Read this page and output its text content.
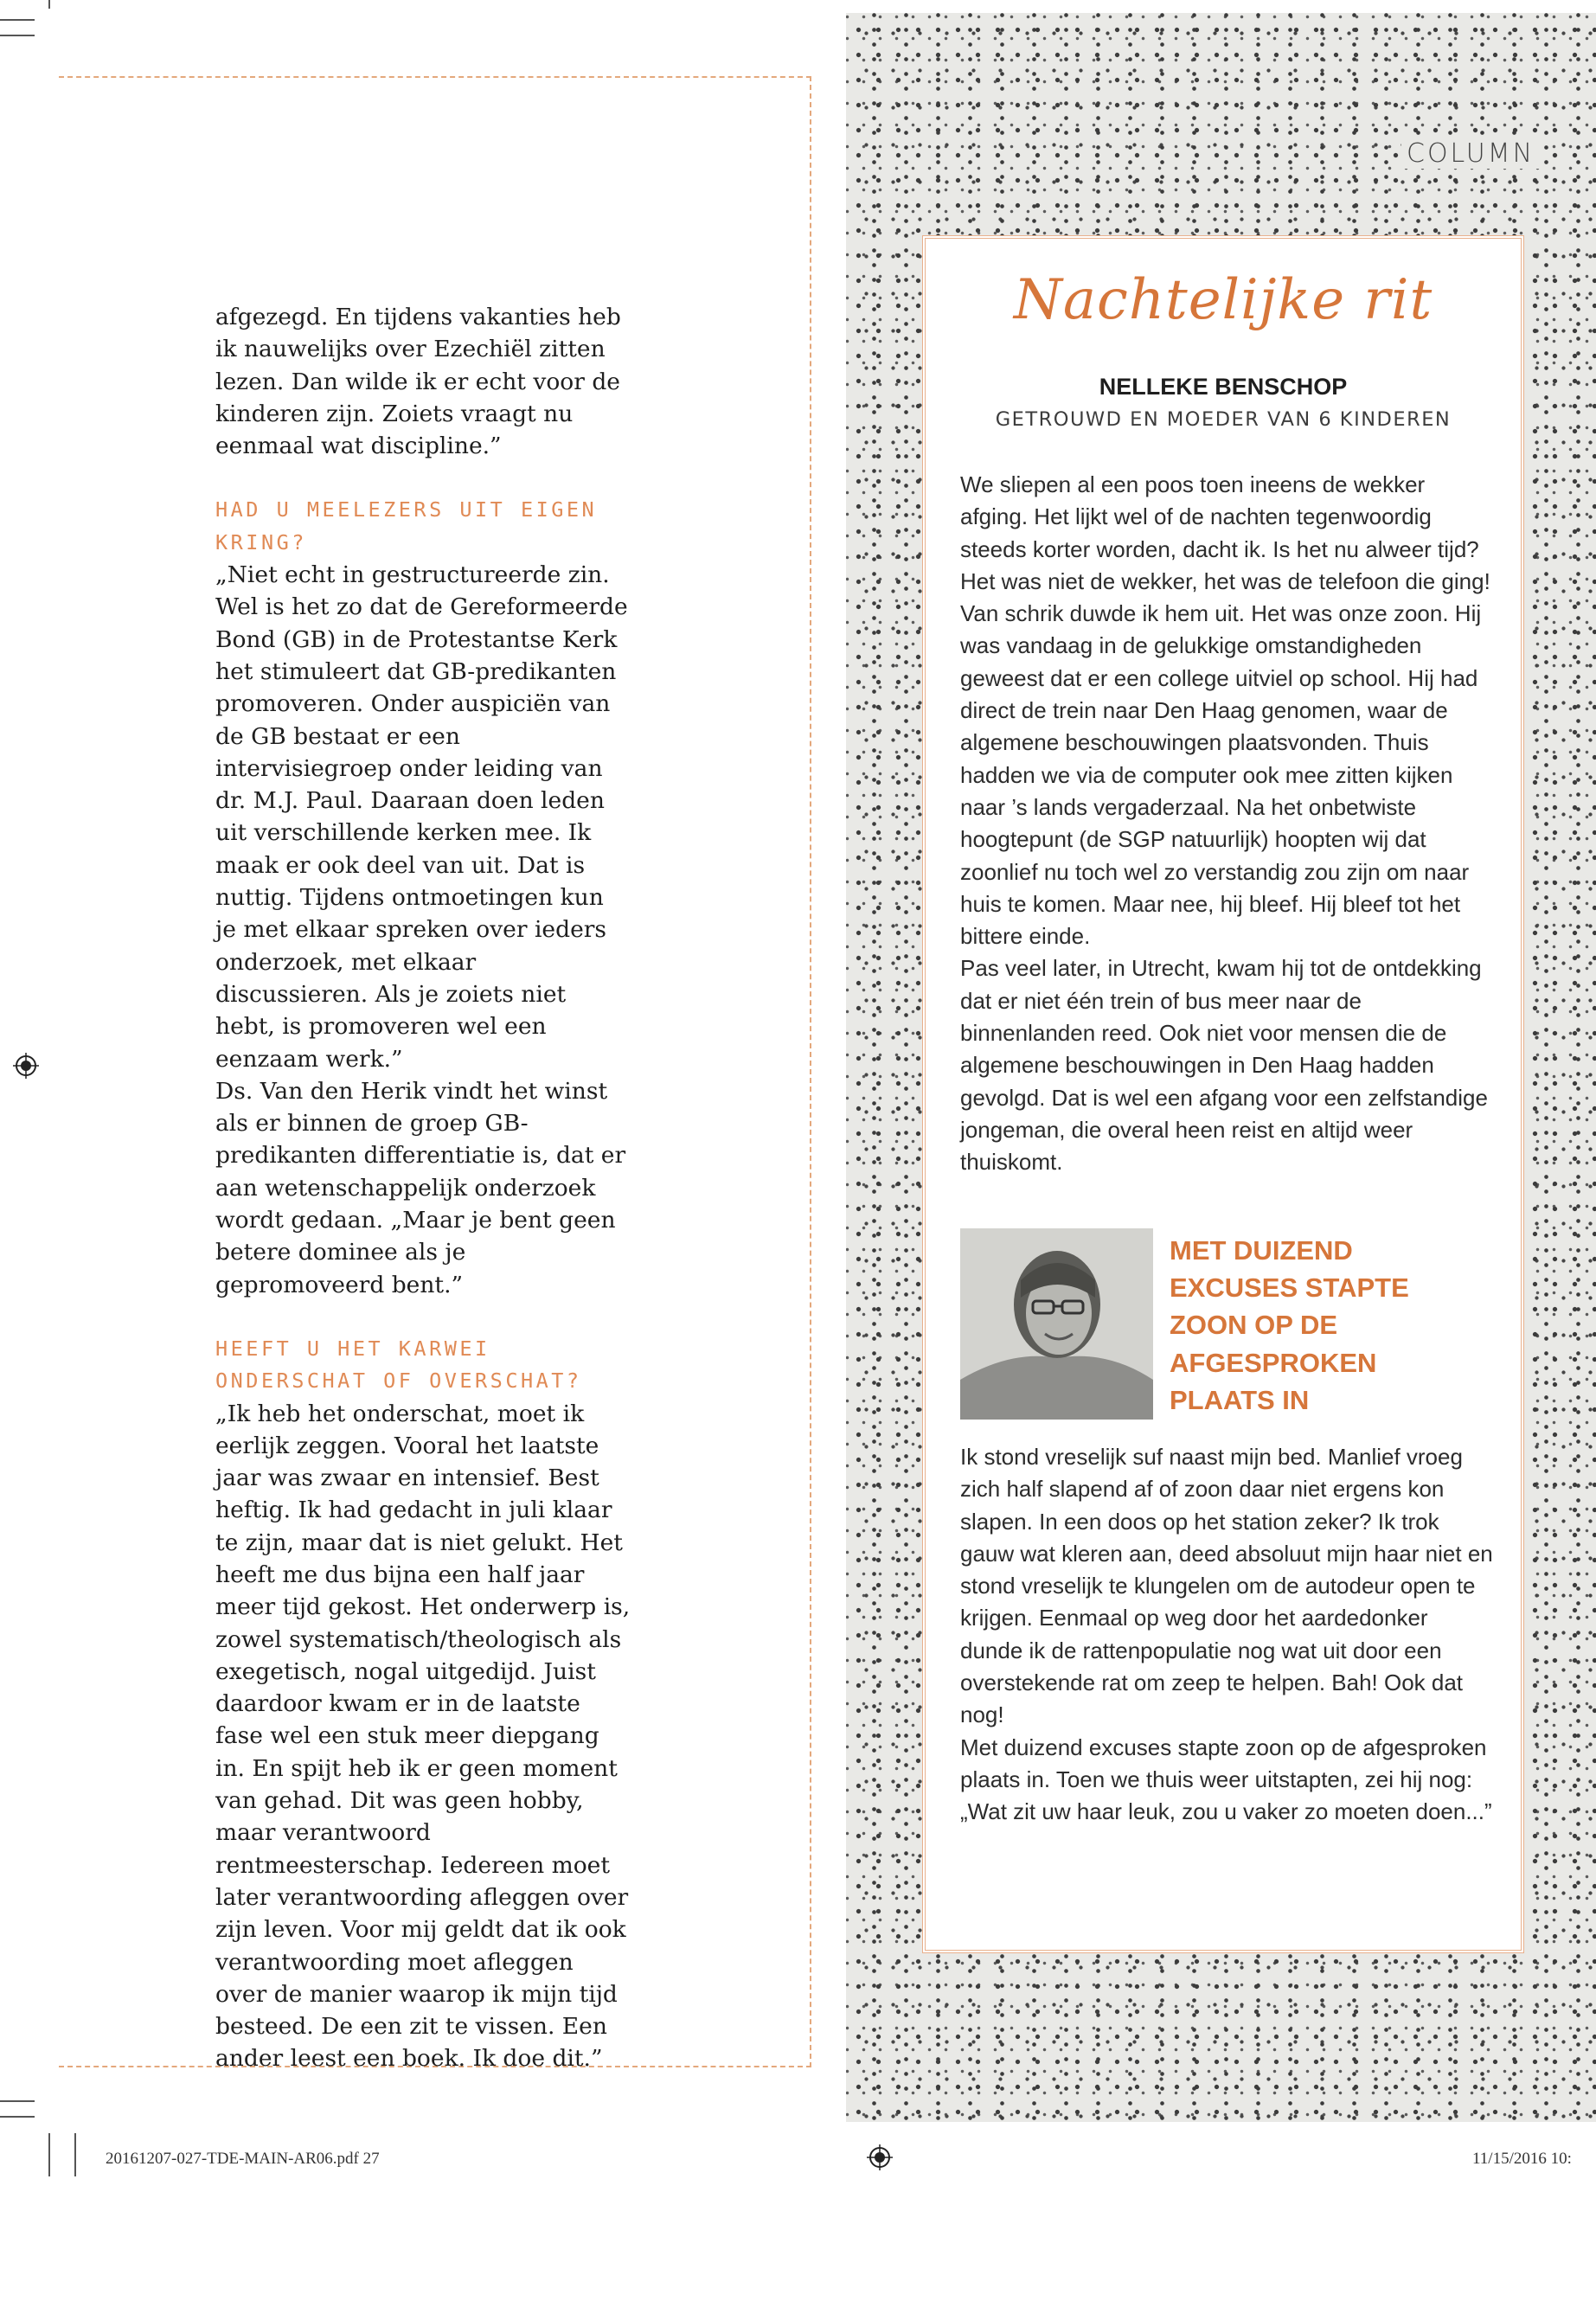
afgezegd. En tijdens vakanties heb ik nauwelijks over Ezechiël zitten lezen. Dan wilde ik er echt voor de kinderen zijn. Zoiets vraagt nu eenmaal wat discipline.”

HAD U MEELEZERS UIT EIGEN KRING?

„Niet echt in gestructureerde zin. Wel is het zo dat de Gereformeerde Bond (GB) in de Protestantse Kerk het stimuleert dat GB-predikanten promoveren. Onder auspiciën van de GB bestaat er een intervisiegroep onder leiding van dr. M.J. Paul. Daaraan doen leden uit verschillende kerken mee. Ik maak er ook deel van uit. Dat is nuttig. Tijdens ontmoetingen kun je met elkaar spreken over ieders onderzoek, met elkaar discussieren. Als je zoiets niet hebt, is promoveren wel een eenzaam werk.”

Ds. Van den Herik vindt het winst als er binnen de groep GB-predikanten differentiatie is, dat er aan wetenschappelijk onderzoek wordt gedaan. „Maar je bent geen betere dominee als je gepromoveerd bent.”

HEEFT U HET KARWEI ONDERSCHAT OF OVERSCHAT?

„Ik heb het onderschat, moet ik eerlijk zeggen. Vooral het laatste jaar was zwaar en intensief. Best heftig. Ik had gedacht in juli klaar te zijn, maar dat is niet gelukt. Het heeft me dus bijna een half jaar meer tijd gekost. Het onderwerp is, zowel systematisch/theologisch als exegetisch, nogal uitgedijd. Juist daardoor kwam er in de laatste fase wel een stuk meer diepgang in. En spijt heb ik er geen moment van gehad. Dit was geen hobby, maar verantwoord rentmeesterschap. Iedereen moet later verantwoording afleggen over zijn leven. Voor mij geldt dat ik ook verantwoording moet afleggen over de manier waarop ik mijn tijd besteed. De een zit te vissen. Een ander leest een boek. Ik doe dit.”

COLUMN
Nachtelijke rit
NELLEKE BENSCHOP
GETROUWD EN MOEDER VAN 6 KINDEREN

We sliepen al een poos toen ineens de wekker afging. Het lijkt wel of de nachten tegenwoordig steeds korter worden, dacht ik. Is het nu alweer tijd?

Het was niet de wekker, het was de telefoon die ging! Van schrik duwde ik hem uit. Het was onze zoon. Hij was vandaag in de gelukkige omstandigheden geweest dat er een college uitviel op school. Hij had direct de trein naar Den Haag genomen, waar de algemene beschouwingen plaatsvonden. Thuis hadden we via de computer ook mee zitten kijken naar ’s lands vergaderzaal. Na het onbetwiste hoogtepunt (de SGP natuurlijk) hoopten wij dat zoonlief nu toch wel zo verstandig zou zijn om naar huis te komen. Maar nee, hij bleef. Hij bleef tot het bittere einde.

Pas veel later, in Utrecht, kwam hij tot de ontdekking dat er niet één trein of bus meer naar de binnenlanden reed. Ook niet voor mensen die de algemene beschouwingen in Den Haag hadden gevolgd. Dat is wel een afgang voor een zelfstandige jongeman, die overal heen reist en altijd weer thuiskomt.

MET DUIZEND EXCUSES STAPTE ZOON OP DE AFGESPROKEN PLAATS IN

Ik stond vreselijk suf naast mijn bed. Manlief vroeg zich half slapend af of zoon daar niet ergens kon slapen. In een doos op het station zeker? Ik trok gauw wat kleren aan, deed absoluut mijn haar niet en stond vreselijk te klungelen om de autodeur open te krijgen. Eenmaal op weg door het aardedonker dunde ik de rattenpopulatie nog wat uit door een overstekende rat om zeep te helpen. Bah! Ook dat nog!

Met duizend excuses stapte zoon op de afgesproken plaats in. Toen we thuis weer uitstapten, zei hij nog: „Wat zit uw haar leuk, zou u vaker zo moeten doen...”

20161207-027-TDE-MAIN-AR06.pdf 27	11/15/2016 10:
